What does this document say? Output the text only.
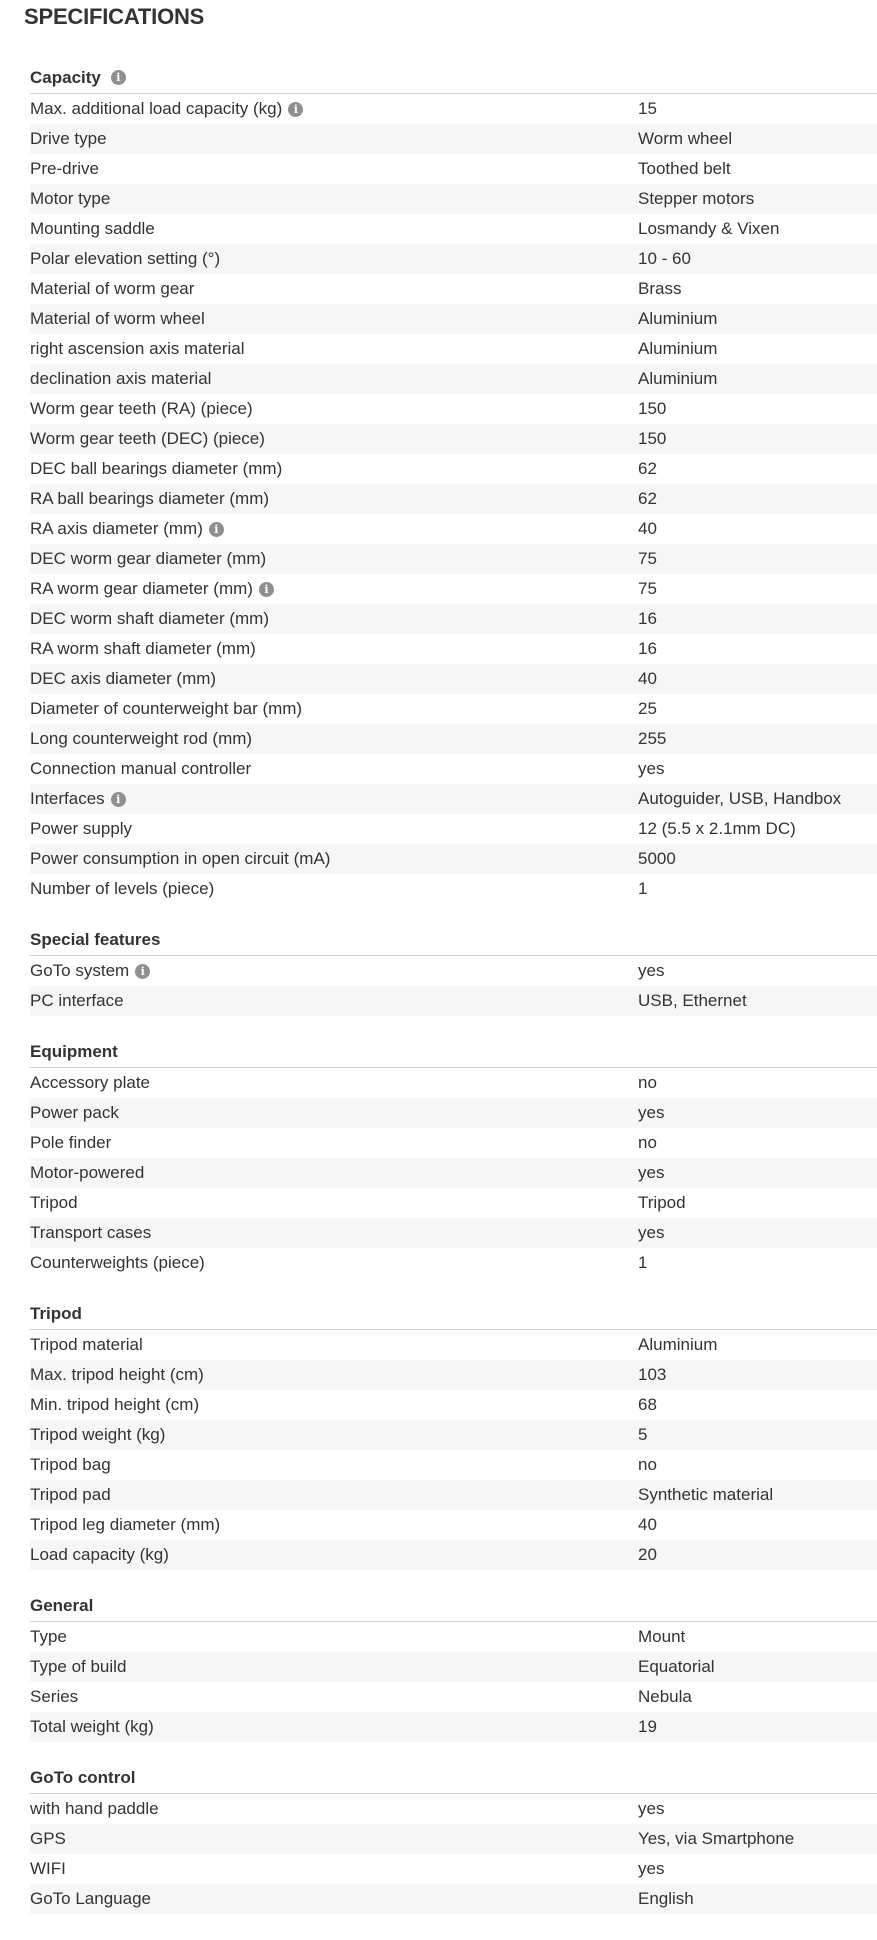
SPECIFICATIONS
Capacity	i
Max. additional load capacity (kg)	i	15
Drive type	Worm wheel
Pre-drive	Toothed belt
Motor type	Stepper motors
Mounting saddle	Losmandy & Vixen
Polar elevation setting (°)	10 - 60
Material of worm gear	Brass
Material of worm wheel	Aluminium
right ascension axis material	Aluminium
declination axis material	Aluminium
Worm gear teeth (RA) (piece)	150
Worm gear teeth (DEC) (piece)	150
DEC ball bearings diameter (mm)	62
RA ball bearings diameter (mm)	62
RA axis diameter (mm)	i	40
DEC worm gear diameter (mm)	75
RA worm gear diameter (mm)	i	75
DEC worm shaft diameter (mm)	16
RA worm shaft diameter (mm)	16
DEC axis diameter (mm)	40
Diameter of counterweight bar (mm)	25
Long counterweight rod (mm)	255
Connection manual controller	yes
Interfaces	i	Autoguider, USB, Handbox
Power supply	12 (5.5 x 2.1mm DC)
Power consumption in open circuit (mA)	5000
Number of levels (piece)	1
Special features
GoTo system	i	yes
PC interface	USB, Ethernet
Equipment
Accessory plate	no
Power pack	yes
Pole finder	no
Motor-powered	yes
Tripod	Tripod
Transport cases	yes
Counterweights (piece)	1
Tripod
Tripod material	Aluminium
Max. tripod height (cm)	103
Min. tripod height (cm)	68
Tripod weight (kg)	5
Tripod bag	no
Tripod pad	Synthetic material
Tripod leg diameter (mm)	40
Load capacity (kg)	20
General
Type	Mount
Type of build	Equatorial
Series	Nebula
Total weight (kg)	19
GoTo control
with hand paddle	yes
GPS	Yes, via Smartphone
WIFI	yes
GoTo Language	English
